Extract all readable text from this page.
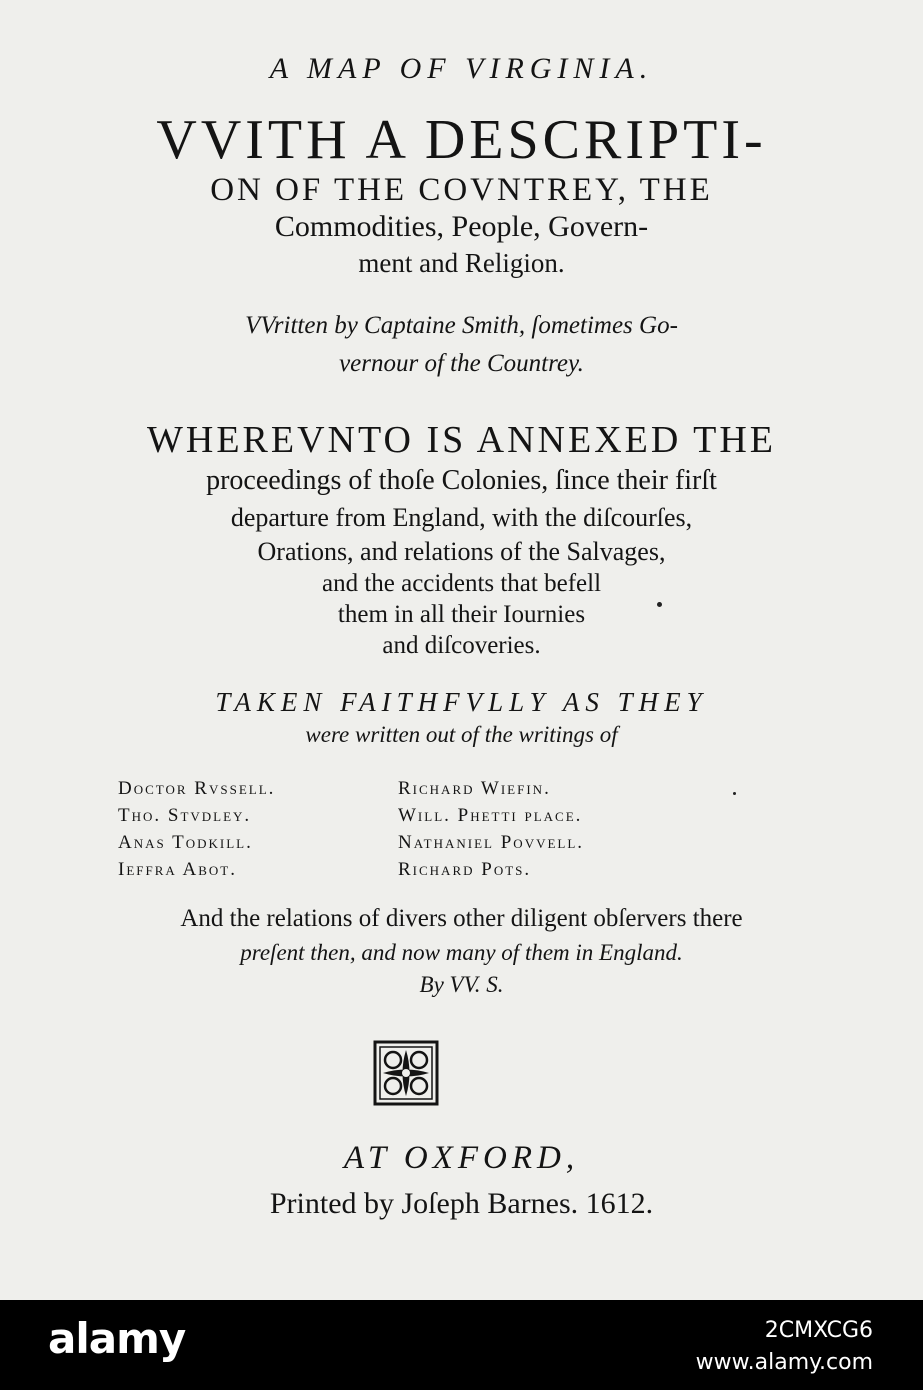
A MAP OF VIRGINIA.
VVITH A DESCRIPTI-
ON OF THE COVNTREY, THE
Commodities, People, Govern-
ment and Religion.
VVritten by Captaine Smith, ſometimes Go-
vernour of the Countrey.
WHEREVNTO IS ANNEXED THE
proceedings of thoſe Colonies, ſince their firſt
departure from England, with the diſcourſes,
Orations, and relations of the Salvages,
and the accidents that befell
them in all their Iournies
and diſcoveries.
TAKEN FAITHFVLLY AS THEY
were written out of the writings of
Doctor Rvssell.
Tho. Stvdley.
Anas Todkill.
Ieffra Abot.
Richard Wiefin.
Will. Phetti place.
Nathaniel Povvell.
Richard Pots.
And the relations of divers other diligent obſervers there
preſent then, and now many of them in England.
By VV. S.
AT OXFORD,
Printed by Joſeph Barnes. 1612.
alamy	2CMXCG6
www.alamy.com
